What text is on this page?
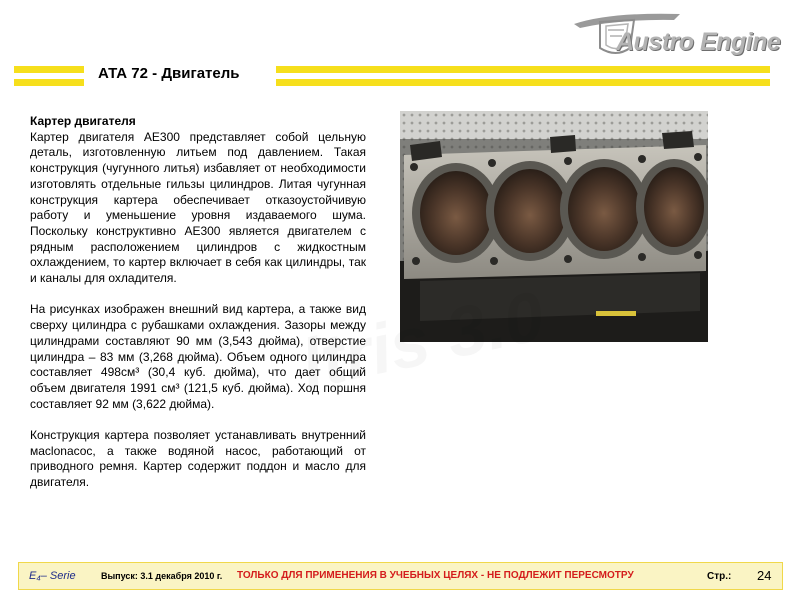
Austro Engine
АТА 72 - Двигатель
Картер двигателя

Картер двигателя AE300 представляет собой цельную деталь, изготовленную литьем под давлением. Такая конструкция (чугунного литья) избавляет от необходимости изготовлять отдельные гильзы цилиндров. Литая чугунная конструкция картера обеспечивает отказоустойчивую работу и уменьшение уровня издаваемого шума. Поскольку конструктивно AE300 является двигателем с рядным расположением цилиндров с жидкостным охлаждением, то картер включает в себя как цилиндры, так и каналы для охладителя.

На рисунках изображен внешний вид картера, а также вид сверху цилиндра с рубашками охлаждения. Зазоры между цилиндрами составляют 90 мм (3,543 дюйма), отверстие цилиндра – 83 мм (3,268 дюйма). Объем одного цилиндра составляет 498см³ (30,4 куб. дюйма), что дает общий объем двигателя 1991 см³ (121,5 куб. дюйма). Ход поршня составляет 92 мм (3,622 дюйма).

Конструкция картера позволяет устанавливать внутренний масlonасос, а также водяной насос, работающий от приводного ремня. Картер содержит поддон и масло для двигателя.

E₄– Serie	Выпуск: 3.1 декабря 2010 г. ТОЛЬКО ДЛЯ ПРИМЕНЕНИЯ В УЧЕБНЫХ ЦЕЛЯХ - НЕ ПОДЛЕЖИТ ПЕРЕСМОТРУ	Стр.: 24
